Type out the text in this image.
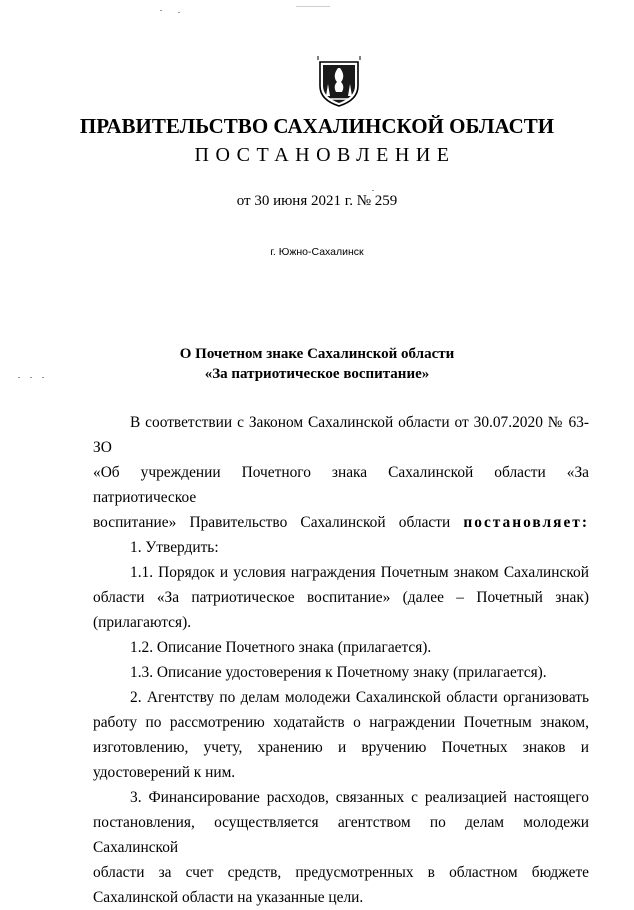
ПРАВИТЕЛЬСТВО САХАЛИНСКОЙ ОБЛАСТИ
ПОСТАНОВЛЕНИЕ
от 30 июня 2021 г. № 259
г. Южно-Сахалинск
О Почетном знаке Сахалинской области
«За патриотическое воспитание»

В соответствии с Законом Сахалинской области от 30.07.2020 № 63-ЗО

«Об учреждении Почетного знака Сахалинской области «За патриотическое

воспитание» Правительство Сахалинской области постановляет:

1. Утвердить:

1.1. Порядок и условия награждения Почетным знаком Сахалинской

области «За патриотическое воспитание» (далее – Почетный знак)

(прилагаются).

1.2. Описание Почетного знака (прилагается).

1.3. Описание удостоверения к Почетному знаку (прилагается).

2. Агентству по делам молодежи Сахалинской области организовать

работу по рассмотрению ходатайств о награждении Почетным знаком,

изготовлению, учету, хранению и вручению Почетных знаков и

удостоверений к ним.

3. Финансирование расходов, связанных с реализацией настоящего

постановления, осуществляется агентством по делам молодежи Сахалинской

области за счет средств, предусмотренных в областном бюджете

Сахалинской области на указанные цели.
